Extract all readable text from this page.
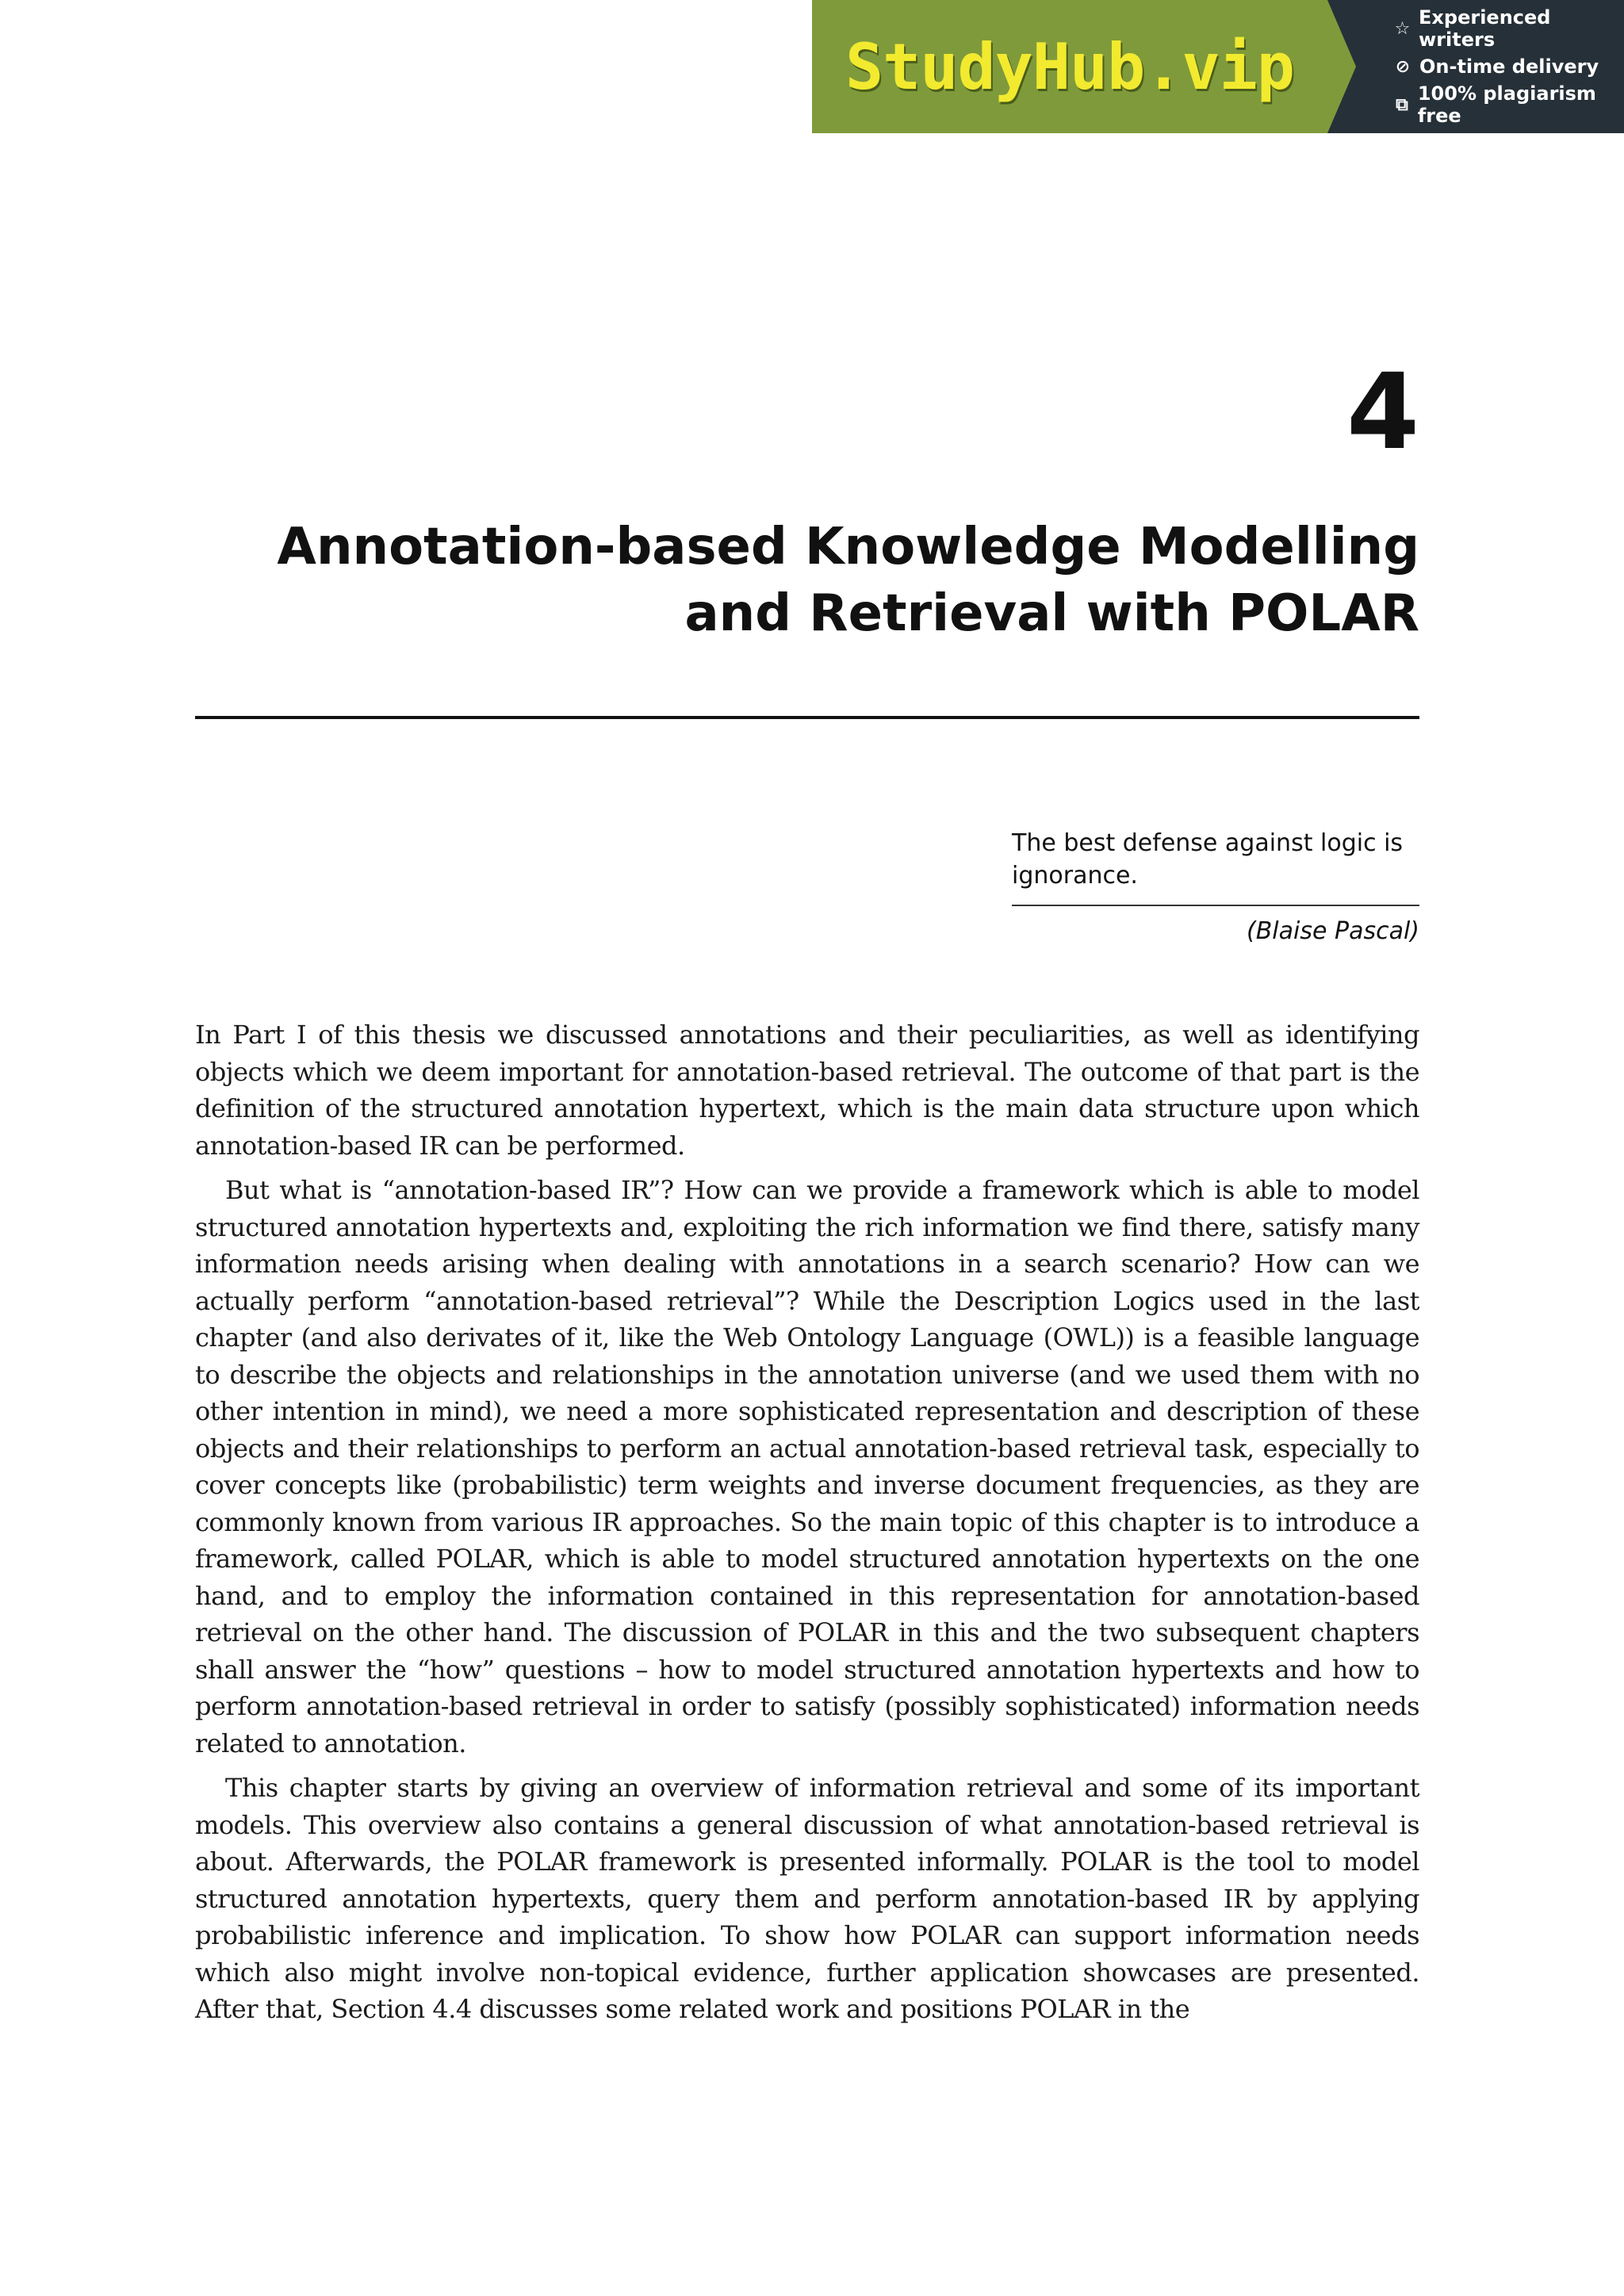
StudyHub.vip
☆ Experienced writers
⊘ On-time delivery
⧉ 100% plagiarism free
4
Annotation-based Knowledge Modelling and Retrieval with POLAR
The best defense against logic is ignorance.
(Blaise Pascal)

In Part I of this thesis we discussed annotations and their peculiarities, as well as identifying objects which we deem important for annotation-based retrieval. The outcome of that part is the definition of the structured annotation hypertext, which is the main data structure upon which annotation-based IR can be performed.

But what is “annotation-based IR”? How can we provide a framework which is able to model structured annotation hypertexts and, exploiting the rich information we find there, satisfy many information needs arising when dealing with annotations in a search scenario? How can we actually perform “annotation-based retrieval”? While the Description Logics used in the last chapter (and also derivates of it, like the Web Ontology Language (OWL)) is a feasible language to describe the objects and relationships in the annotation universe (and we used them with no other intention in mind), we need a more sophisticated representation and description of these objects and their relationships to perform an actual annotation-based retrieval task, especially to cover concepts like (probabilistic) term weights and inverse document frequencies, as they are commonly known from various IR approaches. So the main topic of this chapter is to introduce a framework, called POLAR, which is able to model structured annotation hypertexts on the one hand, and to employ the information contained in this representation for annotation-based retrieval on the other hand. The discussion of POLAR in this and the two subsequent chapters shall answer the “how” questions – how to model structured annotation hypertexts and how to perform annotation-based retrieval in order to satisfy (possibly sophisticated) information needs related to annotation.

This chapter starts by giving an overview of information retrieval and some of its important models. This overview also contains a general discussion of what annotation-based retrieval is about. Afterwards, the POLAR framework is presented informally. POLAR is the tool to model structured annotation hypertexts, query them and perform annotation-based IR by applying probabilistic inference and implication. To show how POLAR can support information needs which also might involve non-topical evidence, further application showcases are presented. After that, Section 4.4 discusses some related work and positions POLAR in the
